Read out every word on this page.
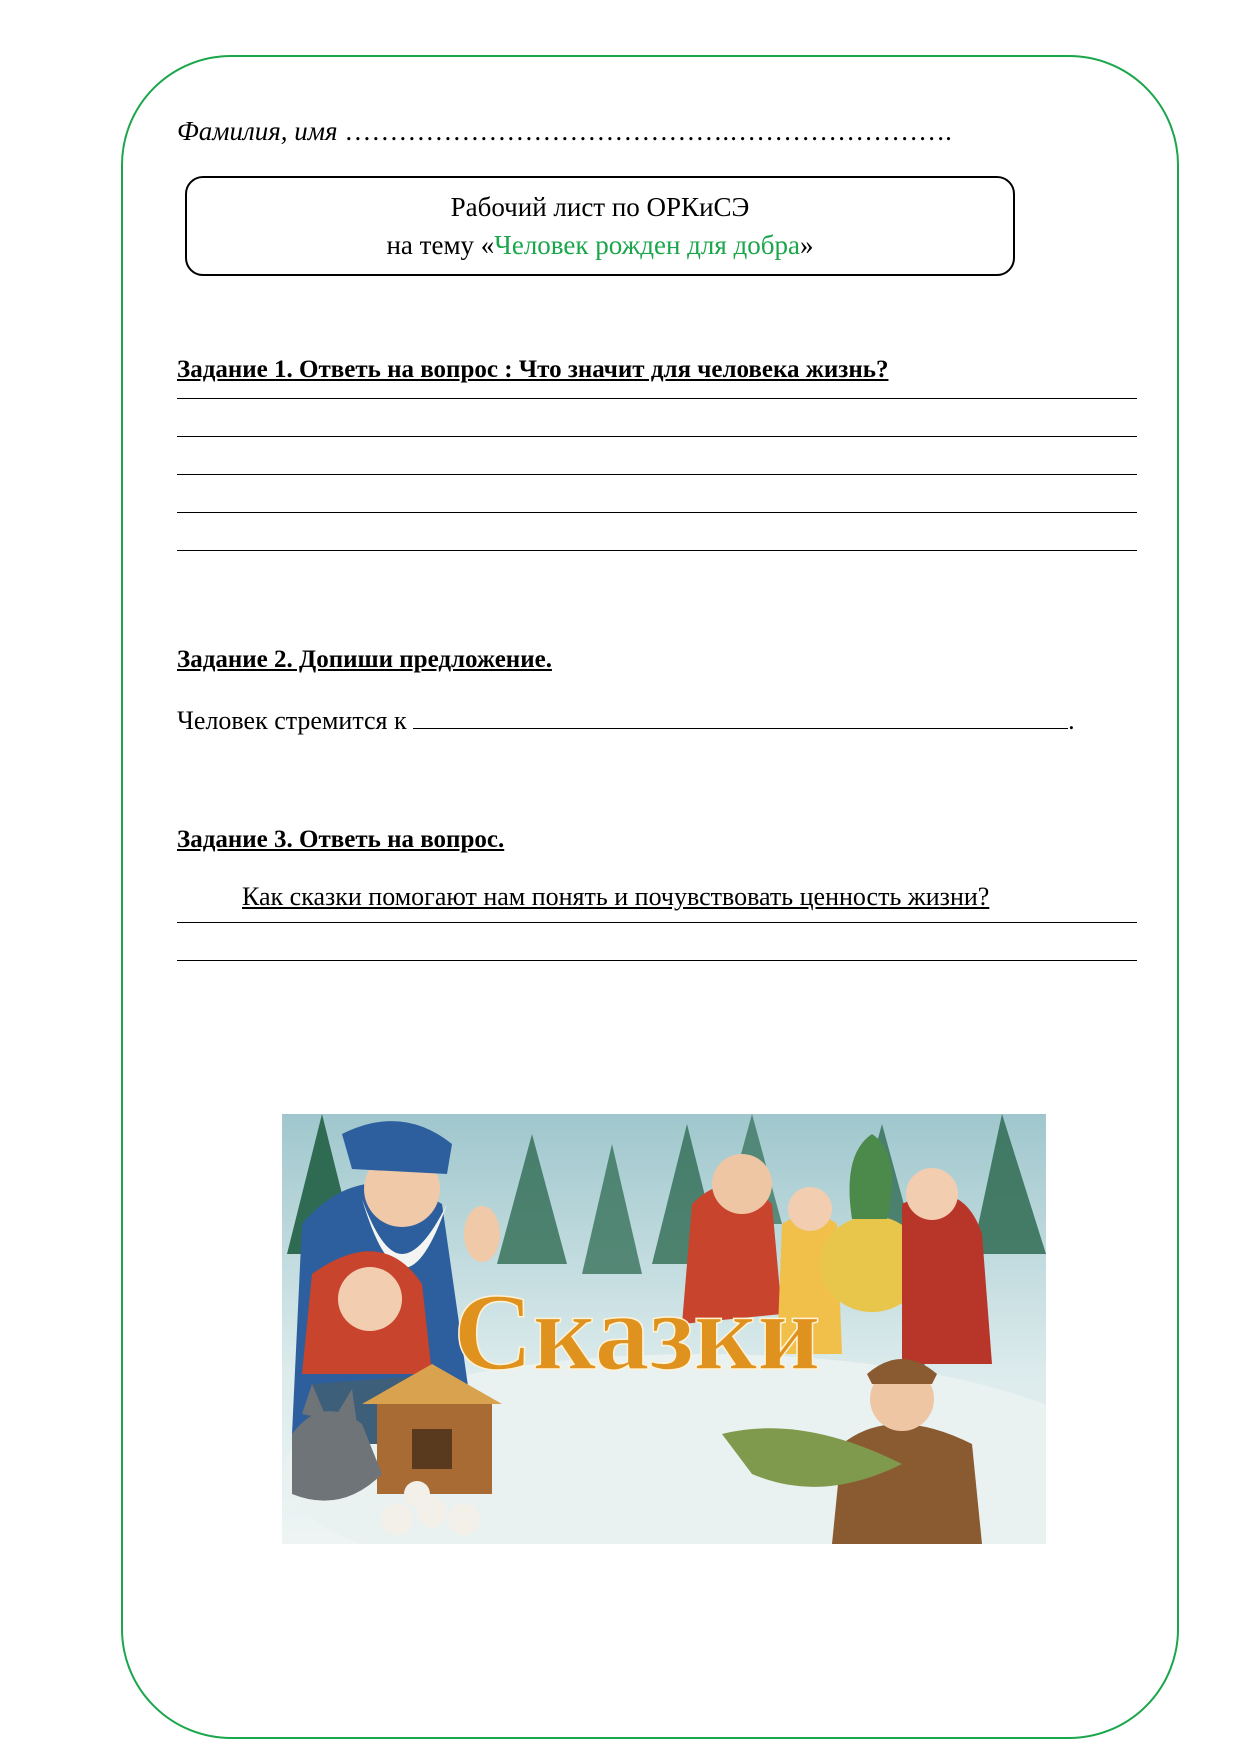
Фамилия, имя …………………………………….…………………….
Рабочий лист по ОРКиСЭ
на тему «Человек рожден для добра»
Задание 1. Ответь на вопрос : Что значит для человека жизнь?
Задание 2. Допиши предложение.
Человек стремится к	.
Задание 3. Ответь на вопрос.
Как сказки помогают нам понять и почувствовать ценность жизни?
Сказки
